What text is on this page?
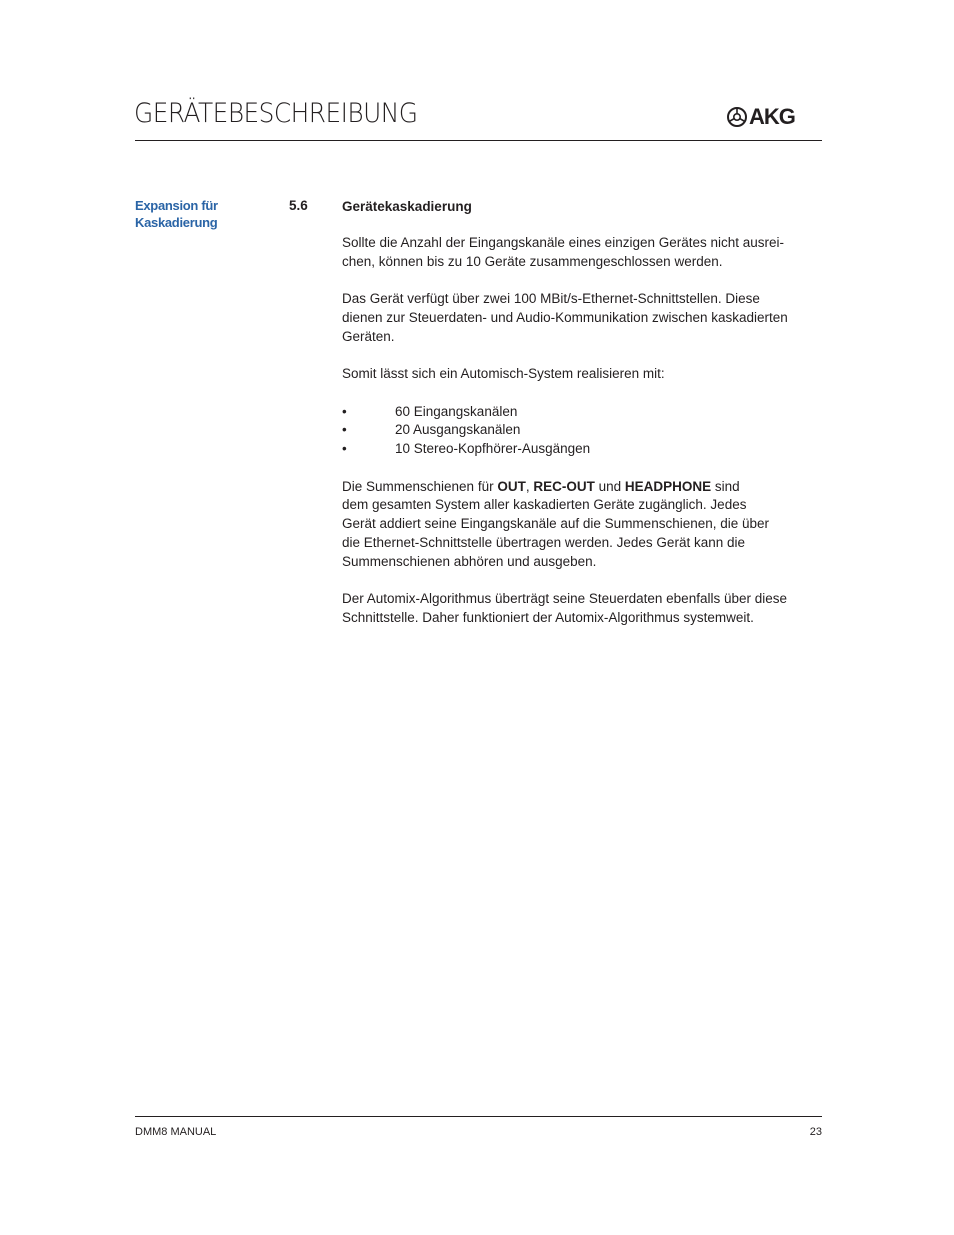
GERÄTEBESCHREIBUNG	AKG
Expansion für
Kaskadierung
5.6	Gerätekaskadierung

Sollte die Anzahl der Eingangskanäle eines einzigen Gerätes nicht ausrei-
chen, können bis zu 10 Geräte zusammengeschlossen werden.

Das Gerät verfügt über zwei 100 MBit/s-Ethernet-Schnittstellen. Diese
dienen zur Steuerdaten- und Audio-Kommunikation zwischen kaskadierten
Geräten.

Somit lässt sich ein Automisch-System realisieren mit:

•	60 Eingangskanälen
•	20 Ausgangskanälen
•	10 Stereo-Kopfhörer-Ausgängen

Die Summenschienen für OUT, REC-OUT und HEADPHONE sind
dem gesamten System aller kaskadierten Geräte zugänglich. Jedes
Gerät addiert seine Eingangskanäle auf die Summenschienen, die über
die Ethernet-Schnittstelle übertragen werden. Jedes Gerät kann die
Summenschienen abhören und ausgeben.

Der Automix-Algorithmus überträgt seine Steuerdaten ebenfalls über diese
Schnittstelle. Daher funktioniert der Automix-Algorithmus systemweit.

DMM8 MANUAL	23
